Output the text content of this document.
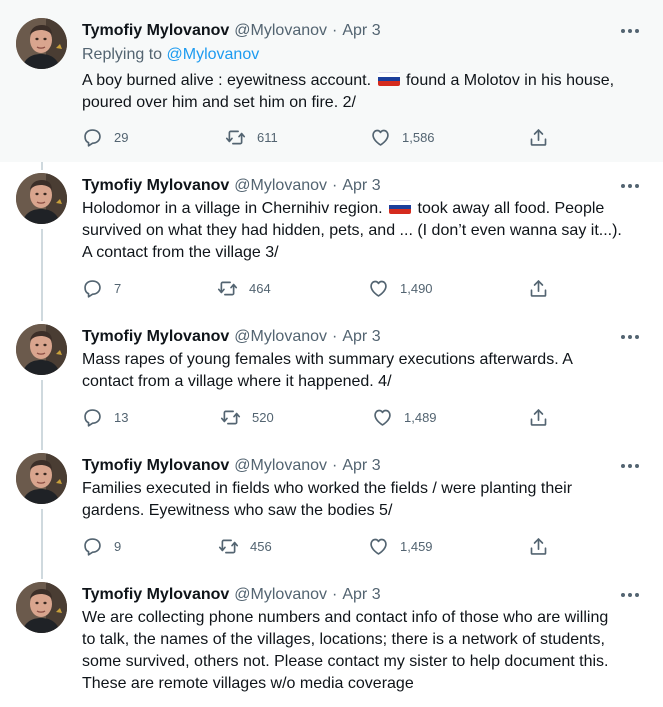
Tymofiy Mylovanov @Mylovanov · Apr 3
Replying to @Mylovanov
A boy burned alive : eyewitness account. found a Molotov in his house,
poured over him and set him on fire. 2/
29	611	1,586
Tymofiy Mylovanov @Mylovanov · Apr 3
Holodomor in a village in Chernihiv region. took away all food. People
survived on what they had hidden, pets, and ... (I don’t even wanna say it...).
A contact from the village 3/
7	464	1,490
Tymofiy Mylovanov @Mylovanov · Apr 3
Mass rapes of young females with summary executions afterwards. A
contact from a village where it happened. 4/
13	520	1,489
Tymofiy Mylovanov @Mylovanov · Apr 3
Families executed in fields who worked the fields / were planting their
gardens. Eyewitness who saw the bodies 5/
9	456	1,459
Tymofiy Mylovanov @Mylovanov · Apr 3
We are collecting phone numbers and contact info of those who are willing
to talk, the names of the villages, locations; there is a network of students,
some survived, others not. Please contact my sister to help document this.
These are remote villages w/o media coverage
